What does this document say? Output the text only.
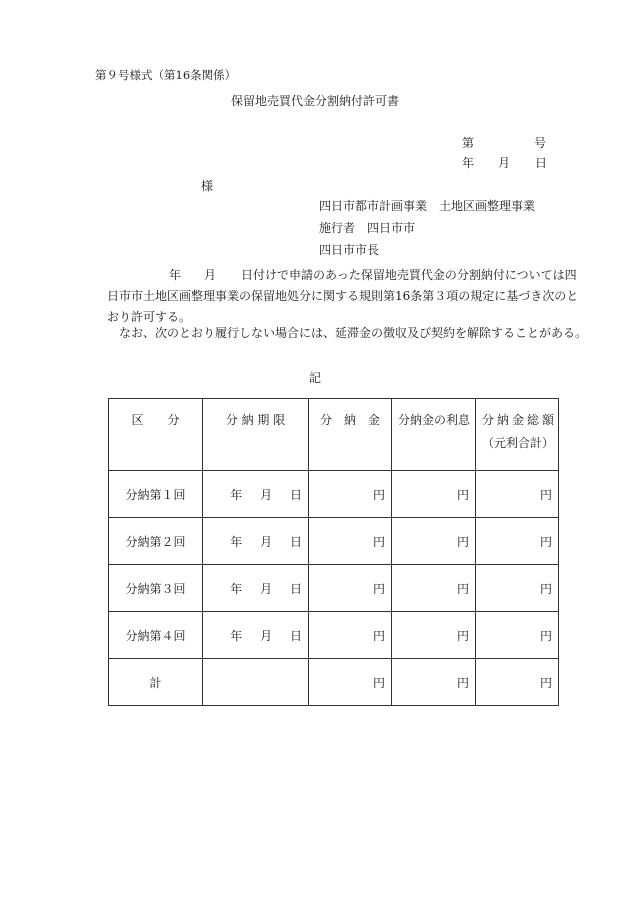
第９号様式（第16条関係）
保留地売買代金分割納付許可書
第	号
年 月 日
様
四日市都市計画事業　土地区画整理事業
施行者 四日市市
四日市市長
年 月 日付けで申請のあった保留地売買代金の分割納付については四
日市市土地区画整理事業の保留地処分に関する規則第16条第３項の規定に基づき次のと
おり許可する。
なお、次のとおり履行しない場合には、延滞金の徴収及び契約を解除することがある。
記
区　　分	分 納 期 限	分　納　金	分納金の利息	分納金総額
（元利合計）

分納第１回	年 月 日	円	円	円
分納第２回	年 月 日	円	円	円
分納第３回	年 月 日	円	円	円
分納第４回	年 月 日	円	円	円
計		円	円	円
